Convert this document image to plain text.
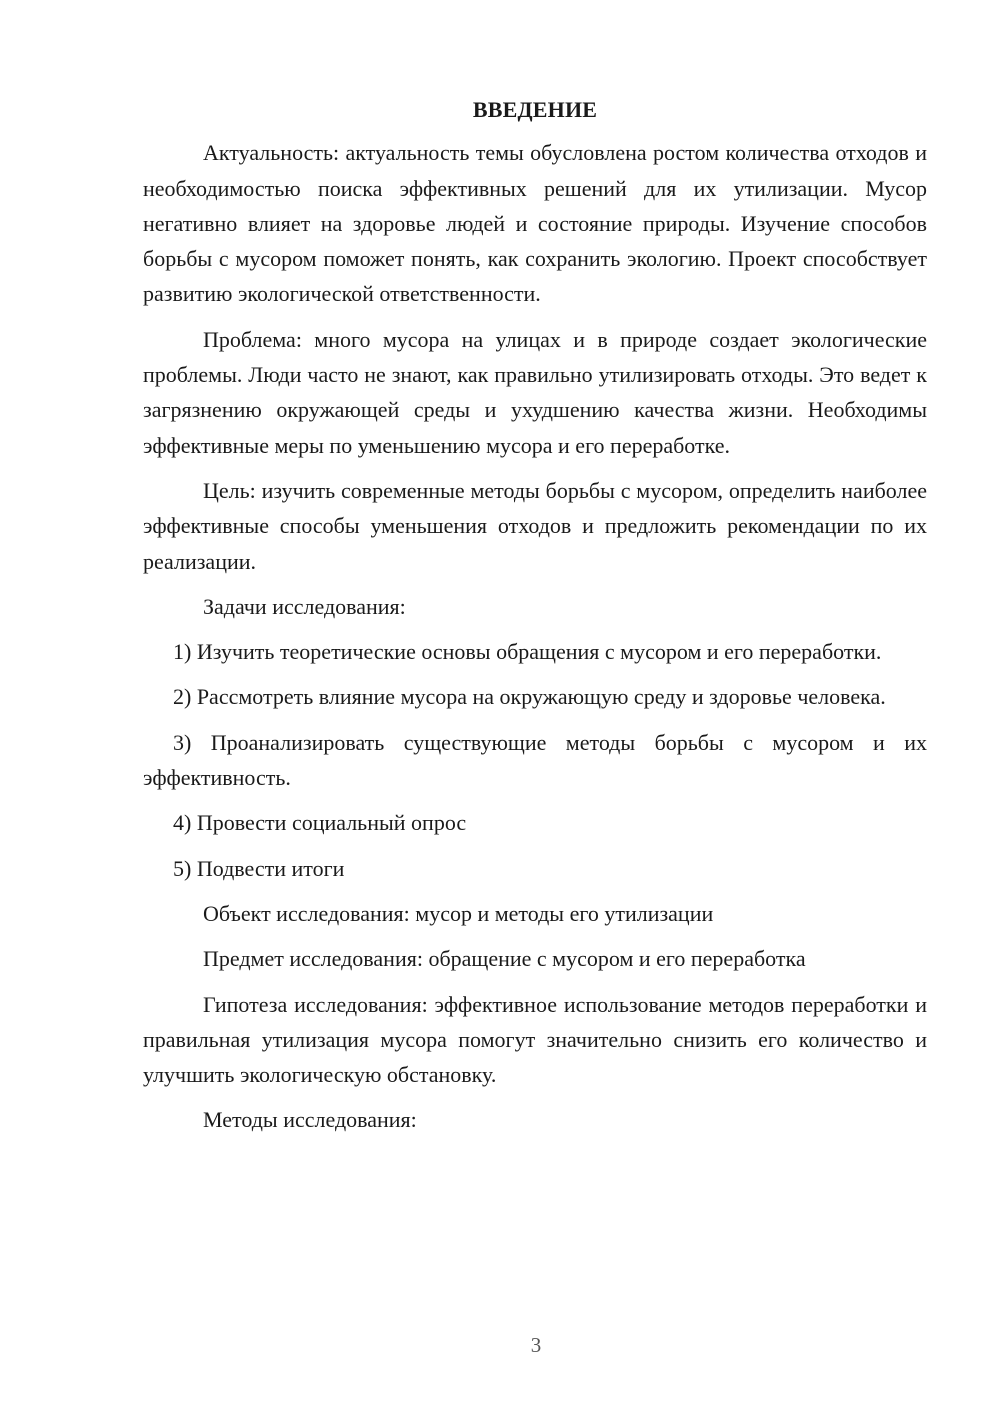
ВВЕДЕНИЕ

Актуальность: актуальность темы обусловлена ростом количества отходов и необходимостью поиска эффективных решений для их утилизации. Мусор негативно влияет на здоровье людей и состояние природы. Изучение способов борьбы с мусором поможет понять, как сохранить экологию. Проект способствует развитию экологической ответственности.

Проблема: много мусора на улицах и в природе создает экологические проблемы. Люди часто не знают, как правильно утилизировать отходы. Это ведет к загрязнению окружающей среды и ухудшению качества жизни. Необходимы эффективные меры по уменьшению мусора и его переработке.

Цель: изучить современные методы борьбы с мусором, определить наиболее эффективные способы уменьшения отходов и предложить рекомендации по их реализации.

Задачи исследования:

1) Изучить теоретические основы обращения с мусором и его переработки.

2) Рассмотреть влияние мусора на окружающую среду и здоровье человека.

3) Проанализировать существующие методы борьбы с мусором и их эффективность.

4) Провести социальный опрос

5) Подвести итоги

Объект исследования: мусор и методы его утилизации

Предмет исследования: обращение с мусором и его переработка

Гипотеза исследования: эффективное использование методов переработки и правильная утилизация мусора помогут значительно снизить его количество и улучшить экологическую обстановку.

Методы исследования:

3
